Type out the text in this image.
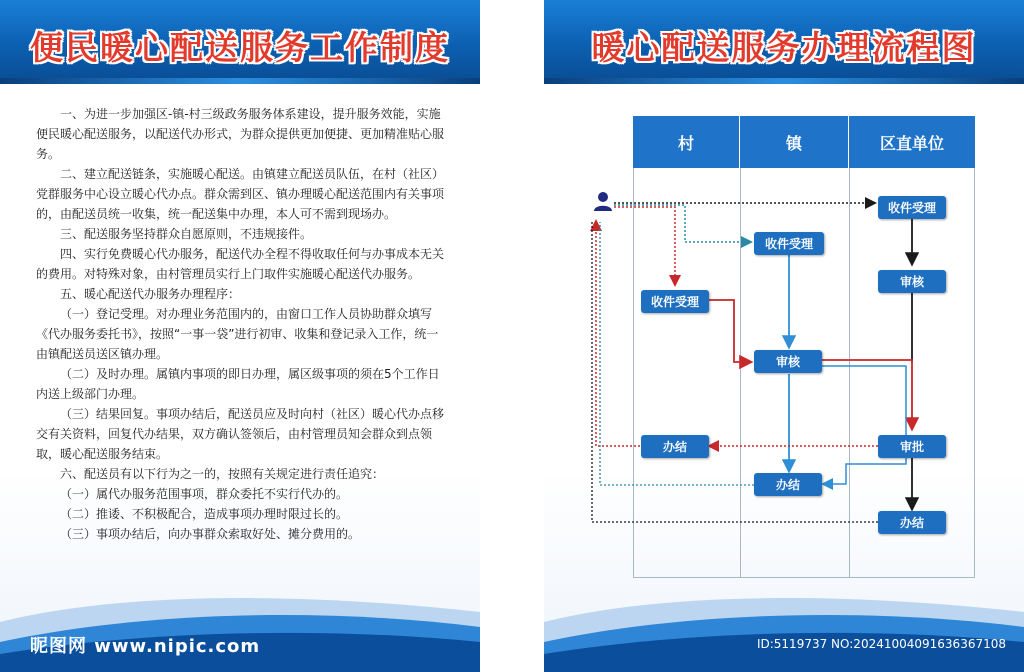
便民暖心配送服务工作制度

一、为进一步加强区-镇-村三级政务服务体系建设，提升服务效能，实施便民暖心配送服务，以配送代办形式，为群众提供更加便捷、更加精准贴心服务。

二、建立配送链条，实施暖心配送。由镇建立配送员队伍，在村（社区）党群服务中心设立暖心代办点。群众需到区、镇办理暖心配送范围内有关事项的，由配送员统一收集，统一配送集中办理，本人可不需到现场办。

三、配送服务坚持群众自愿原则，不违规接件。

四、实行免费暖心代办服务，配送代办全程不得收取任何与办事成本无关的费用。对特殊对象，由村管理员实行上门取件实施暖心配送代办服务。

五、暖心配送代办服务办理程序：

（一）登记受理。对办理业务范围内的，由窗口工作人员协助群众填写《代办服务委托书》，按照“一事一袋”进行初审、收集和登记录入工作，统一由镇配送员送区镇办理。

（二）及时办理。属镇内事项的即日办理，属区级事项的须在5个工作日内送上级部门办理。

（三）结果回复。事项办结后，配送员应及时向村（社区）暖心代办点移交有关资料，回复代办结果，双方确认签领后，由村管理员知会群众到点领取，暖心配送服务结束。

六、配送员有以下行为之一的，按照有关规定进行责任追究：

（一）属代办服务范围事项，群众委托不实行代办的。

（二）推诿、不积极配合，造成事项办理时限过长的。

（三）事项办结后，向办事群众索取好处、摊分费用的。

昵图网 www.nipic.com
暖心配送服务办理流程图
村	镇	区直单位
收件受理
收件受理
收件受理
审核
审核
审批
办结
办结
办结
ID:5119737 NO:20241004091636367108
